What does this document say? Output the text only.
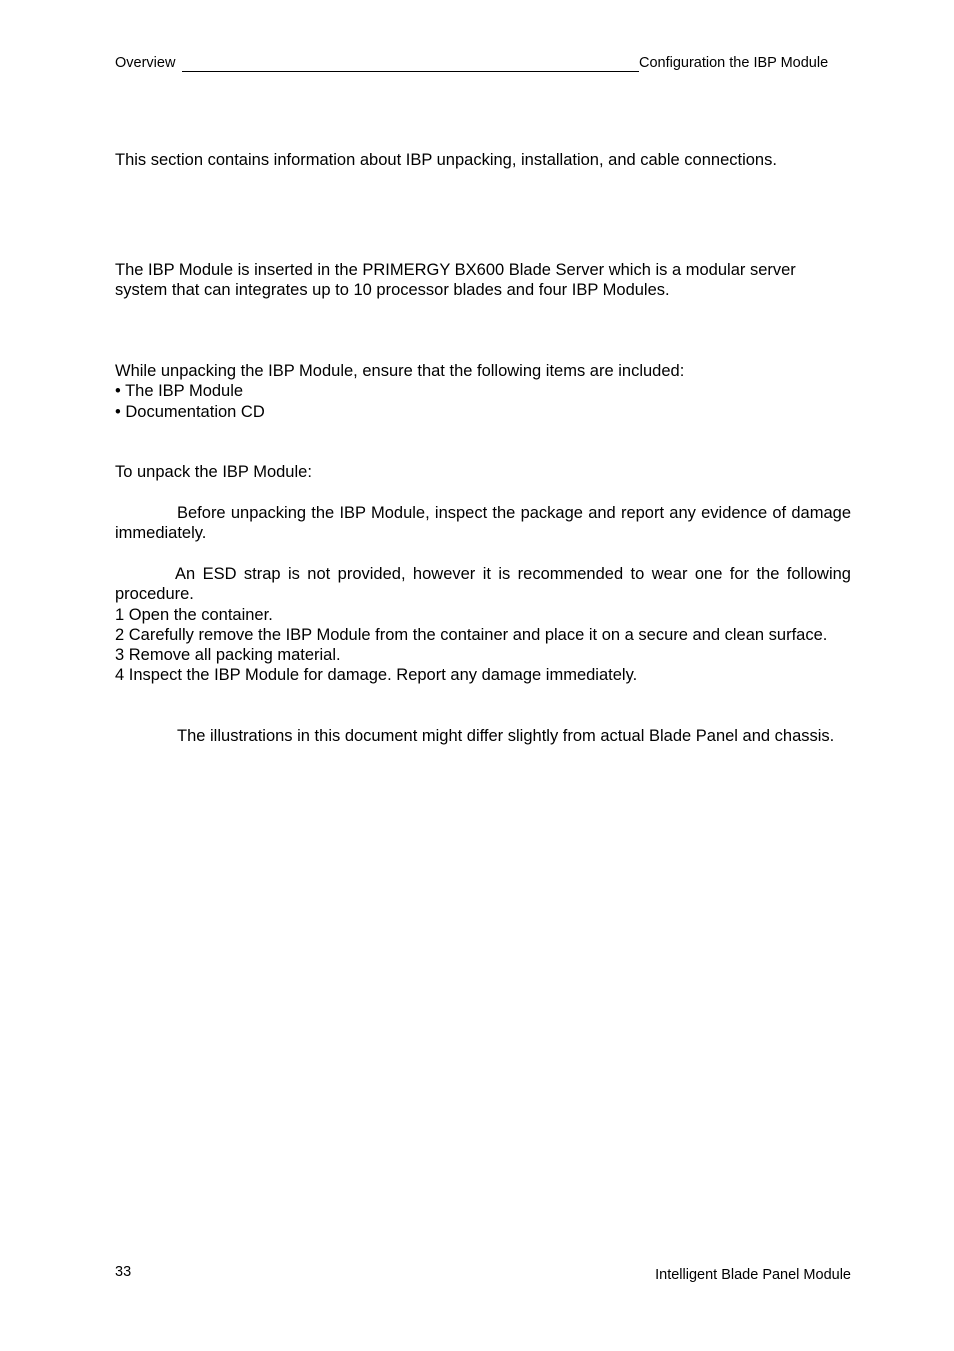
Overview	Configuration the IBP Module
This section contains information about IBP unpacking, installation, and cable connections.
The IBP Module is inserted in the PRIMERGY BX600 Blade Server which is a modular server system that can integrates up to 10 processor blades and four IBP Modules.
While unpacking the IBP Module, ensure that the following items are included:
• The IBP Module
• Documentation CD
To unpack the IBP Module:
Before unpacking the IBP Module, inspect the package and report any evidence of damage immediately.
An ESD strap is not provided, however it is recommended to wear one for the following procedure.
1 Open the container.
2 Carefully remove the IBP Module from the container and place it on a secure and clean surface.
3 Remove all packing material.
4 Inspect the IBP Module for damage. Report any damage immediately.
The illustrations in this document might differ slightly from actual Blade Panel and chassis.
33	Intelligent Blade Panel Module
